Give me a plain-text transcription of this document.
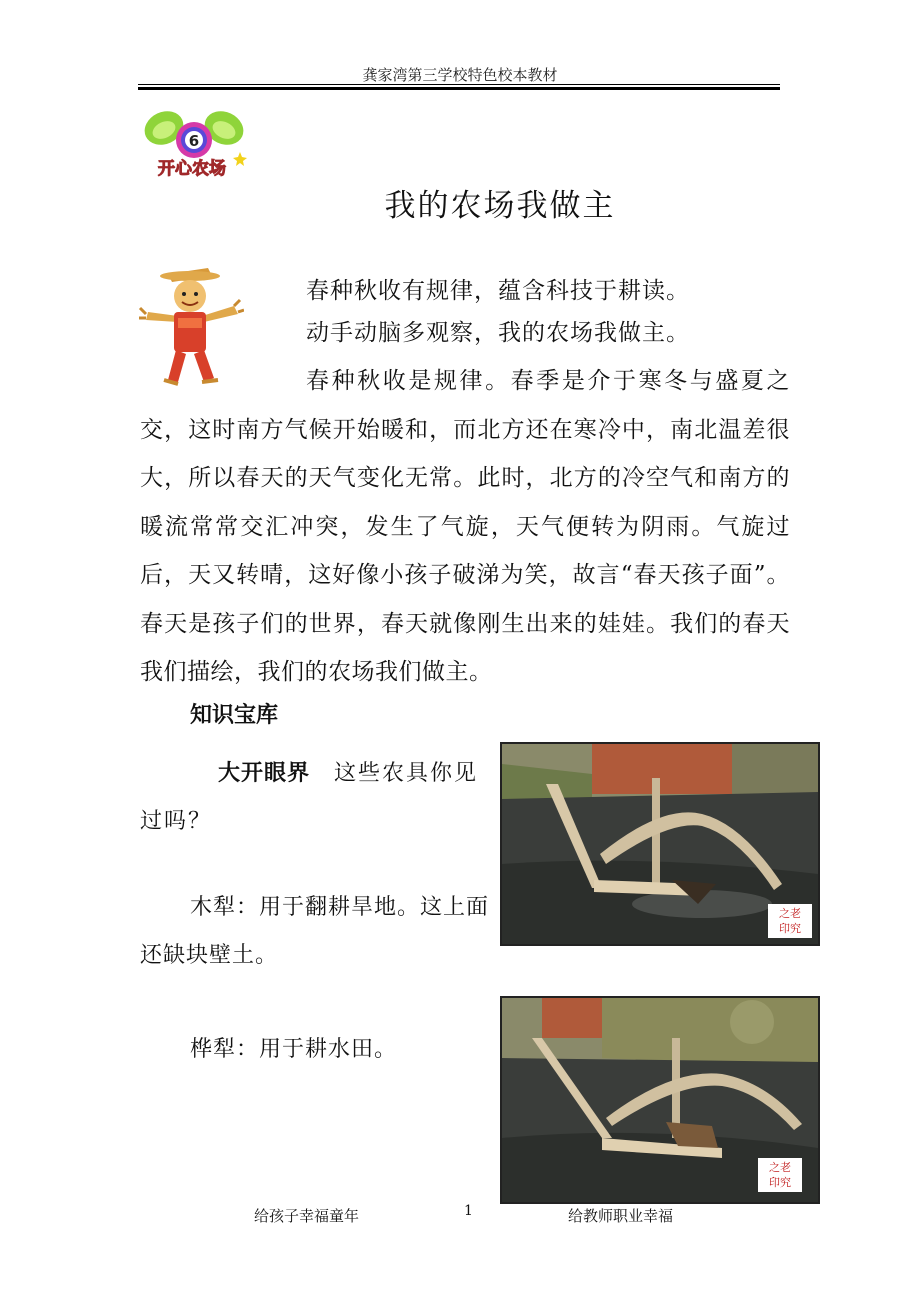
龚家湾第三学校特色校本教材
6
开心农场
我的农场我做主
春种秋收有规律，蕴含科技于耕读。
动手动脑多观察，我的农场我做主。
春种秋收是规律。春季是介于寒冬与盛夏之交，这时南方气候开始暖和，而北方还在寒冷中，南北温差很大，所以春天的天气变化无常。此时，北方的冷空气和南方的暖流常常交汇冲突，发生了气旋，天气便转为阴雨。气旋过后，天又转晴，这好像小孩子破涕为笑，故言“春天孩子面”。春天是孩子们的世界，春天就像刚生出来的娃娃。我们的春天我们描绘，我们的农场我们做主。
知识宝库
大开眼界 这些农具你见过吗？
木犁：用于翻耕旱地。这上面还缺块壁土。
桦犁：用于耕水田。
之老
印究
之老
印究
给孩子幸福童年	1	给教师职业幸福
